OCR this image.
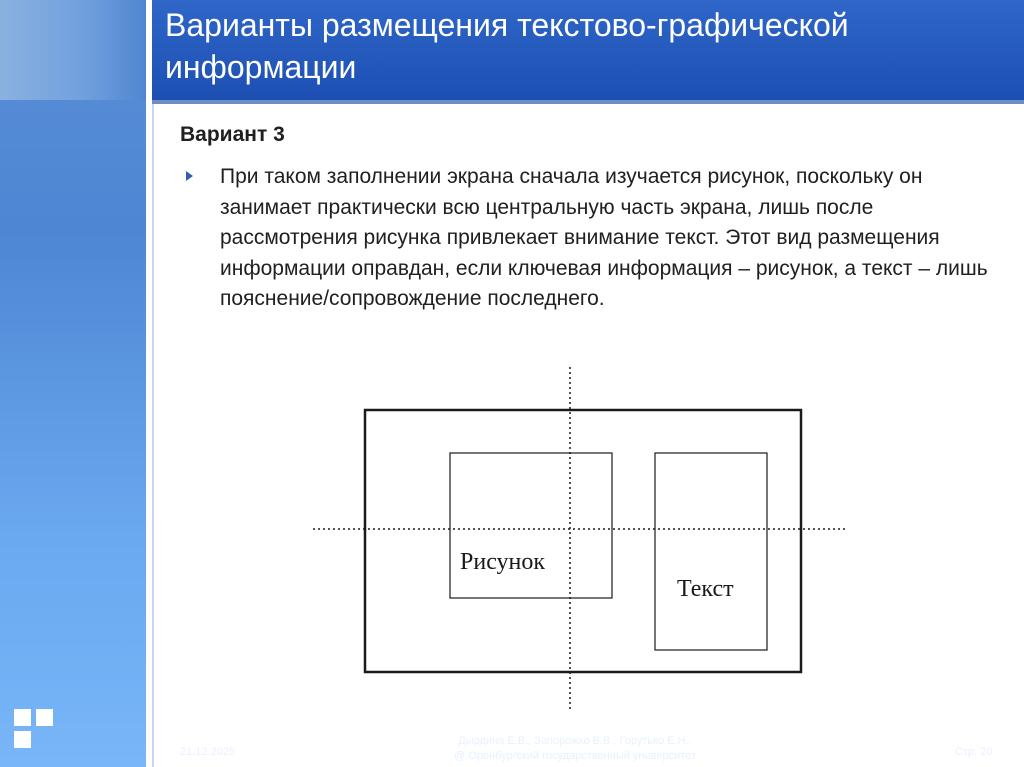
Варианты размещения текстово-графической информации
Вариант 3
При таком заполнении экрана сначала изучается рисунок, поскольку он занимает практически всю центральную часть экрана, лишь после рассмотрения рисунка привлекает внимание текст. Этот вид размещения информации оправдан, если ключевая информация – рисунок, а текст – лишь пояснение/сопровождение последнего.
Рисунок
Текст
21.12.2025
Дырдина Е.В., Запорожко В.В., Горутько Е.Н..
@ Оренбургский государственный университет	Стр. 20
